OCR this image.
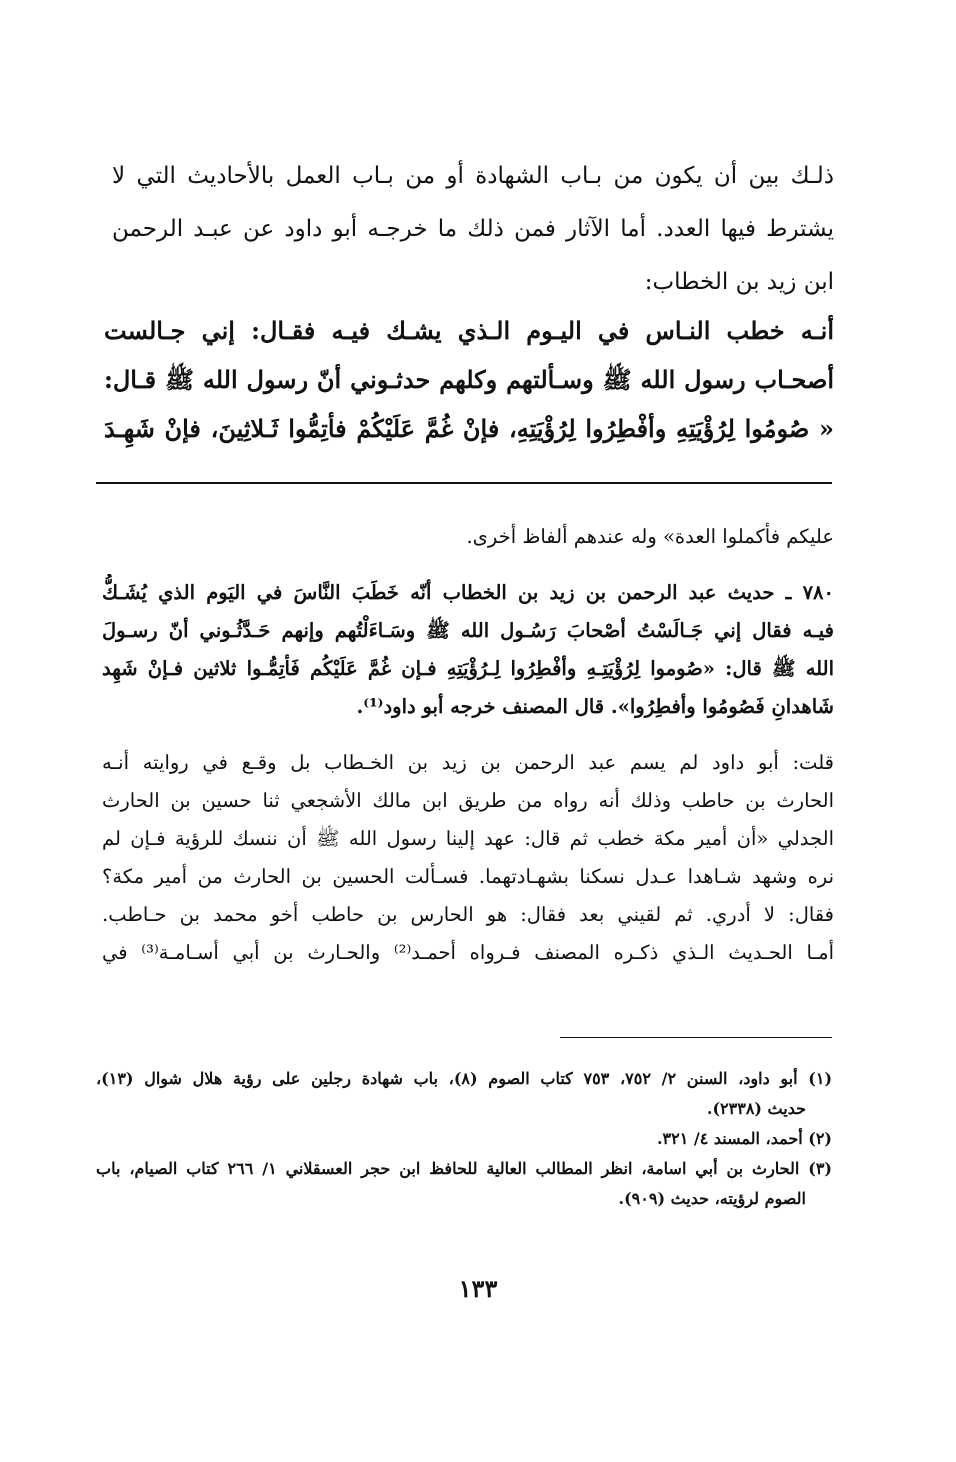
ذلـك بين أن يكون من بـاب الشهادة أو من بـاب العمل بالأحاديث التي لا
يشترط فيها العدد. أما الآثار فمن ذلك ما خرجـه أبو داود عن عبـد الرحمن
ابن زيد بن الخطاب:
أنـه خطب النـاس في اليـوم الـذي يشـك فيـه فقـال: إني جـالست
أصحـاب رسول الله ﷺ وسـألتهم وكلهم حدثـوني أنّ رسول الله ﷺ قـال:
« صُومُوا لِرُؤْيَتِهِ وأفْطِرُوا لِرُؤْيَتِهِ، فإنْ غُمَّ عَلَيْكُمْ فأتِمُّوا ثَـلاثِينَ، فإنْ شَهِـدَ
عليكم فأكملوا العدة» وله عندهم ألفاظ أخرى.
٧٨٠ ـ حديث عبد الرحمن بن زيد بن الخطاب أنّه خَطَبَ النَّاسَ في اليَوم الذي يُشَـكُّ
فيـه فقال إني جَـالَسْتُ أصْحابَ رَسُـول الله ﷺ وسَـاءَلْتُهم وإنهم حَـدَّثُـوني أنّ رسـولَ
الله ﷺ قال: «صُوموا لِرُؤْيَتِـهِ وأفْطِرُوا لِـرُؤْيَتِهِ فـإن غُمَّ عَلَيْكُم فَأتِمُّـوا ثلاثين فـإنْ شَهِد
شَاهدانِ فَصُومُوا وأفطِرُوا». قال المصنف خرجه أبو داود⁽¹⁾.
قلت: أبو داود لم يسم عبد الرحمن بن زيد بن الخـطاب بل وقـع في روايته أنـه
الحارث بن حاطب وذلك أنه رواه من طريق ابن مالك الأشجعي ثنا حسين بن الحارث
الجدلي «أن أمير مكة خطب ثم قال: عهد إلينا رسول الله ﷺ أن ننسك للرؤية فـإن لم
نره وشهد شـاهدا عـدل نسكنا بشهـادتهما. فسـألت الحسين بن الحارث من أمير مكة؟
فقال: لا أدري. ثم لقيني بعد فقال: هو الحارس بن حاطب أخو محمد بن حـاطب.
أمـا الحـديث الـذي ذكـره المصنف فـرواه أحمـد⁽²⁾ والحـارث بن أبي أسـامـة⁽³⁾ في
(١) أبو داود، السنن ٢/ ٧٥٢، ٧٥٣ كتاب الصوم (٨)، باب شهادة رجلين على رؤية هلال شوال (١٣)،
حديث (٢٣٣٨).
(٢) أحمد، المسند ٤/ ٣٢١.
(٣) الحارث بن أبي اسامة، انظر المطالب العالية للحافظ ابن حجر العسقلاني ١/ ٢٦٦ كتاب الصيام، باب
الصوم لرؤيته، حديث (٩٠٩).
١٣٣
